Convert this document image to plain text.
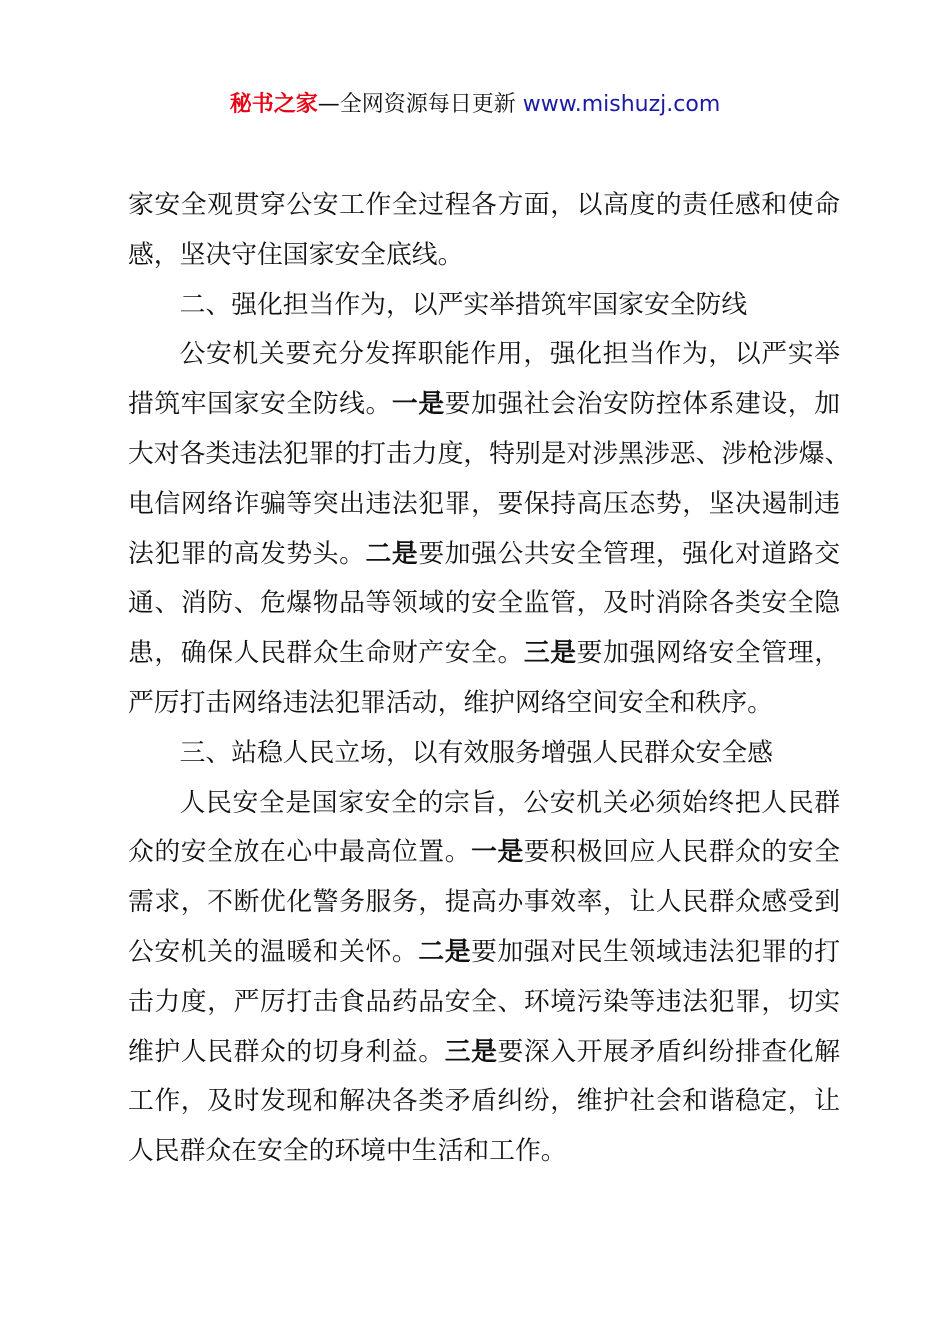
秘书之家—全网资源每日更新 www.mishuzj.com
家安全观贯穿公安工作全过程各方面，以高度的责任感和使命
感，坚决守住国家安全底线。
二、强化担当作为，以严实举措筑牢国家安全防线
公安机关要充分发挥职能作用，强化担当作为，以严实举
措筑牢国家安全防线。一是要加强社会治安防控体系建设，加
大对各类违法犯罪的打击力度，特别是对涉黑涉恶、涉枪涉爆、
电信网络诈骗等突出违法犯罪，要保持高压态势，坚决遏制违
法犯罪的高发势头。二是要加强公共安全管理，强化对道路交
通、消防、危爆物品等领域的安全监管，及时消除各类安全隐
患，确保人民群众生命财产安全。三是要加强网络安全管理，
严厉打击网络违法犯罪活动，维护网络空间安全和秩序。
三、站稳人民立场，以有效服务增强人民群众安全感
人民安全是国家安全的宗旨，公安机关必须始终把人民群
众的安全放在心中最高位置。一是要积极回应人民群众的安全
需求，不断优化警务服务，提高办事效率，让人民群众感受到
公安机关的温暖和关怀。二是要加强对民生领域违法犯罪的打
击力度，严厉打击食品药品安全、环境污染等违法犯罪，切实
维护人民群众的切身利益。三是要深入开展矛盾纠纷排查化解
工作，及时发现和解决各类矛盾纠纷，维护社会和谐稳定，让
人民群众在安全的环境中生活和工作。
